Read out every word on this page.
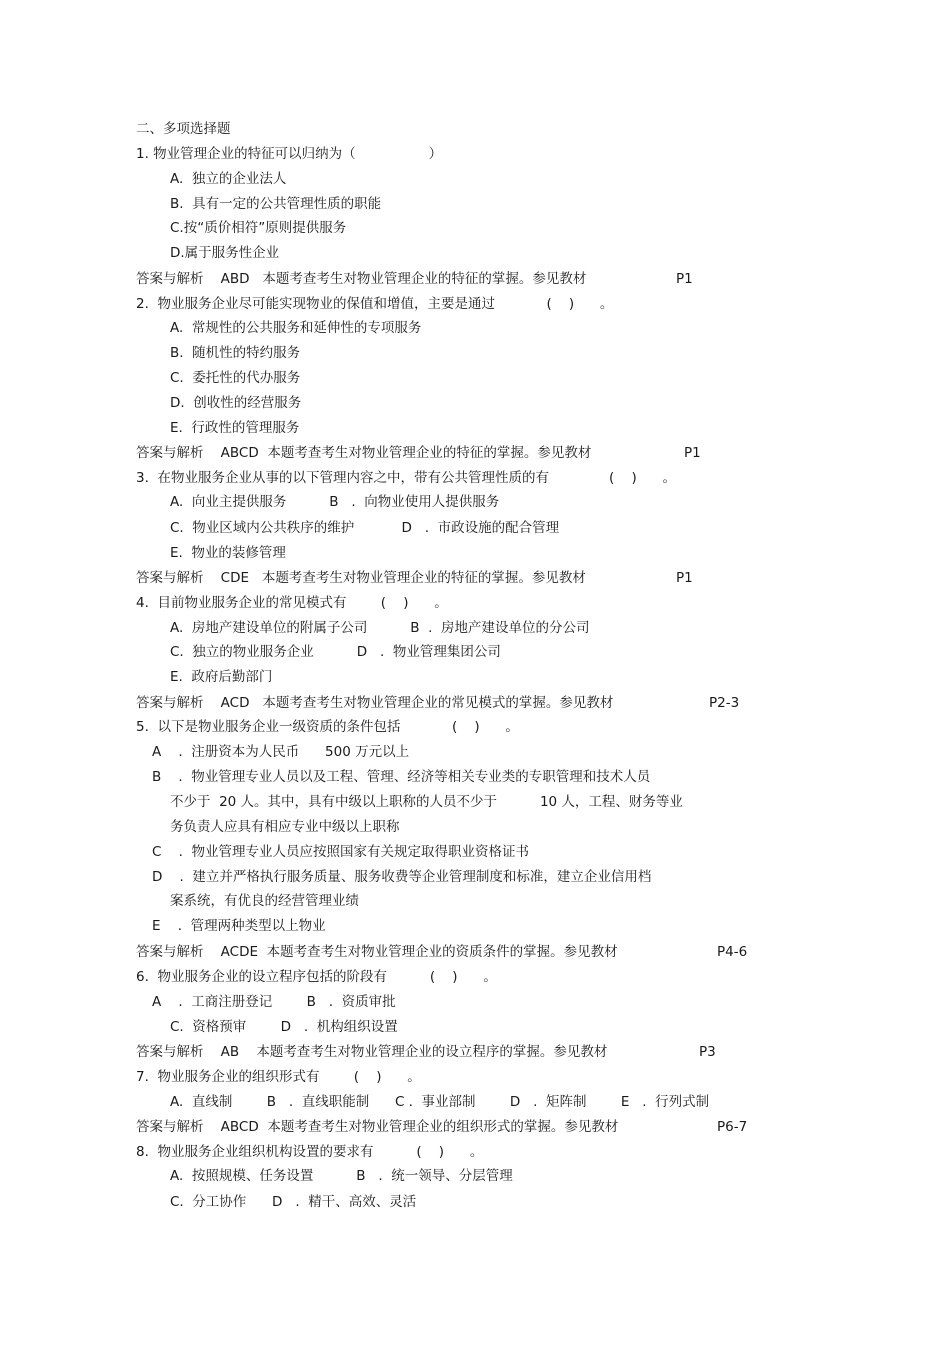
二、多项选择题
1. 物业管理企业的特征可以归纳为（                 ）
A.  独立的企业法人
B.  具有一定的公共管理性质的职能
C.按“质价相符”原则提供服务
D.属于服务性企业
答案与解析    ABD   本题考查考生对物业管理企业的特征的掌握。参见教材	P1
2.  物业服务企业尽可能实现物业的保值和增值，主要是通过            (    )      。
A.  常规性的公共服务和延伸性的专项服务
B.  随机性的特约服务
C.  委托性的代办服务
D.  创收性的经营服务
E.  行政性的管理服务
答案与解析    ABCD  本题考查考生对物业管理企业的特征的掌握。参见教材	P1
3.  在物业服务企业从事的以下管理内容之中，带有公共管理性质的有              (    )      。
A.  向业主提供服务          B   .  向物业使用人提供服务
C.  物业区域内公共秩序的维护           D   .  市政设施的配合管理
E.  物业的装修管理
答案与解析    CDE   本题考查考生对物业管理企业的特征的掌握。参见教材	P1
4.  目前物业服务企业的常见模式有        (    )      。
A.  房地产建设单位的附属子公司          B  .  房地产建设单位的分公司
C.  独立的物业服务企业          D   .  物业管理集团公司
E.  政府后勤部门
答案与解析    ACD   本题考查考生对物业管理企业的常见模式的掌握。参见教材	P2-3
5.  以下是物业服务企业一级资质的条件包括            (    )      。
A    .  注册资本为人民币      500 万元以上
B    .  物业管理专业人员以及工程、管理、经济等相关专业类的专职管理和技术人员
不少于  20 人。其中，具有中级以上职称的人员不少于          10 人，工程、财务等业
务负责人应具有相应专业中级以上职称
C    .  物业管理专业人员应按照国家有关规定取得职业资格证书
D    .  建立并严格执行服务质量、服务收费等企业管理制度和标准，建立企业信用档
案系统，有优良的经营管理业绩
E    .  管理两种类型以上物业
答案与解析    ACDE  本题考查考生对物业管理企业的资质条件的掌握。参见教材	P4-6
6.  物业服务企业的设立程序包括的阶段有          (    )      。
A    .  工商注册登记        B   .  资质审批
C.  资格预审        D   .  机构组织设置
答案与解析    AB    本题考查考生对物业管理企业的设立程序的掌握。参见教材	P3
7.  物业服务企业的组织形式有        (    )      。
A.  直线制        B   .  直线职能制      C .  事业部制        D   .  矩阵制        E   .  行列式制
答案与解析    ABCD  本题考查考生对物业管理企业的组织形式的掌握。参见教材	P6-7
8.  物业服务企业组织机构设置的要求有          (    )      。
A.  按照规模、任务设置          B   .  统一领导、分层管理
C.  分工协作      D   .  精干、高效、灵活
